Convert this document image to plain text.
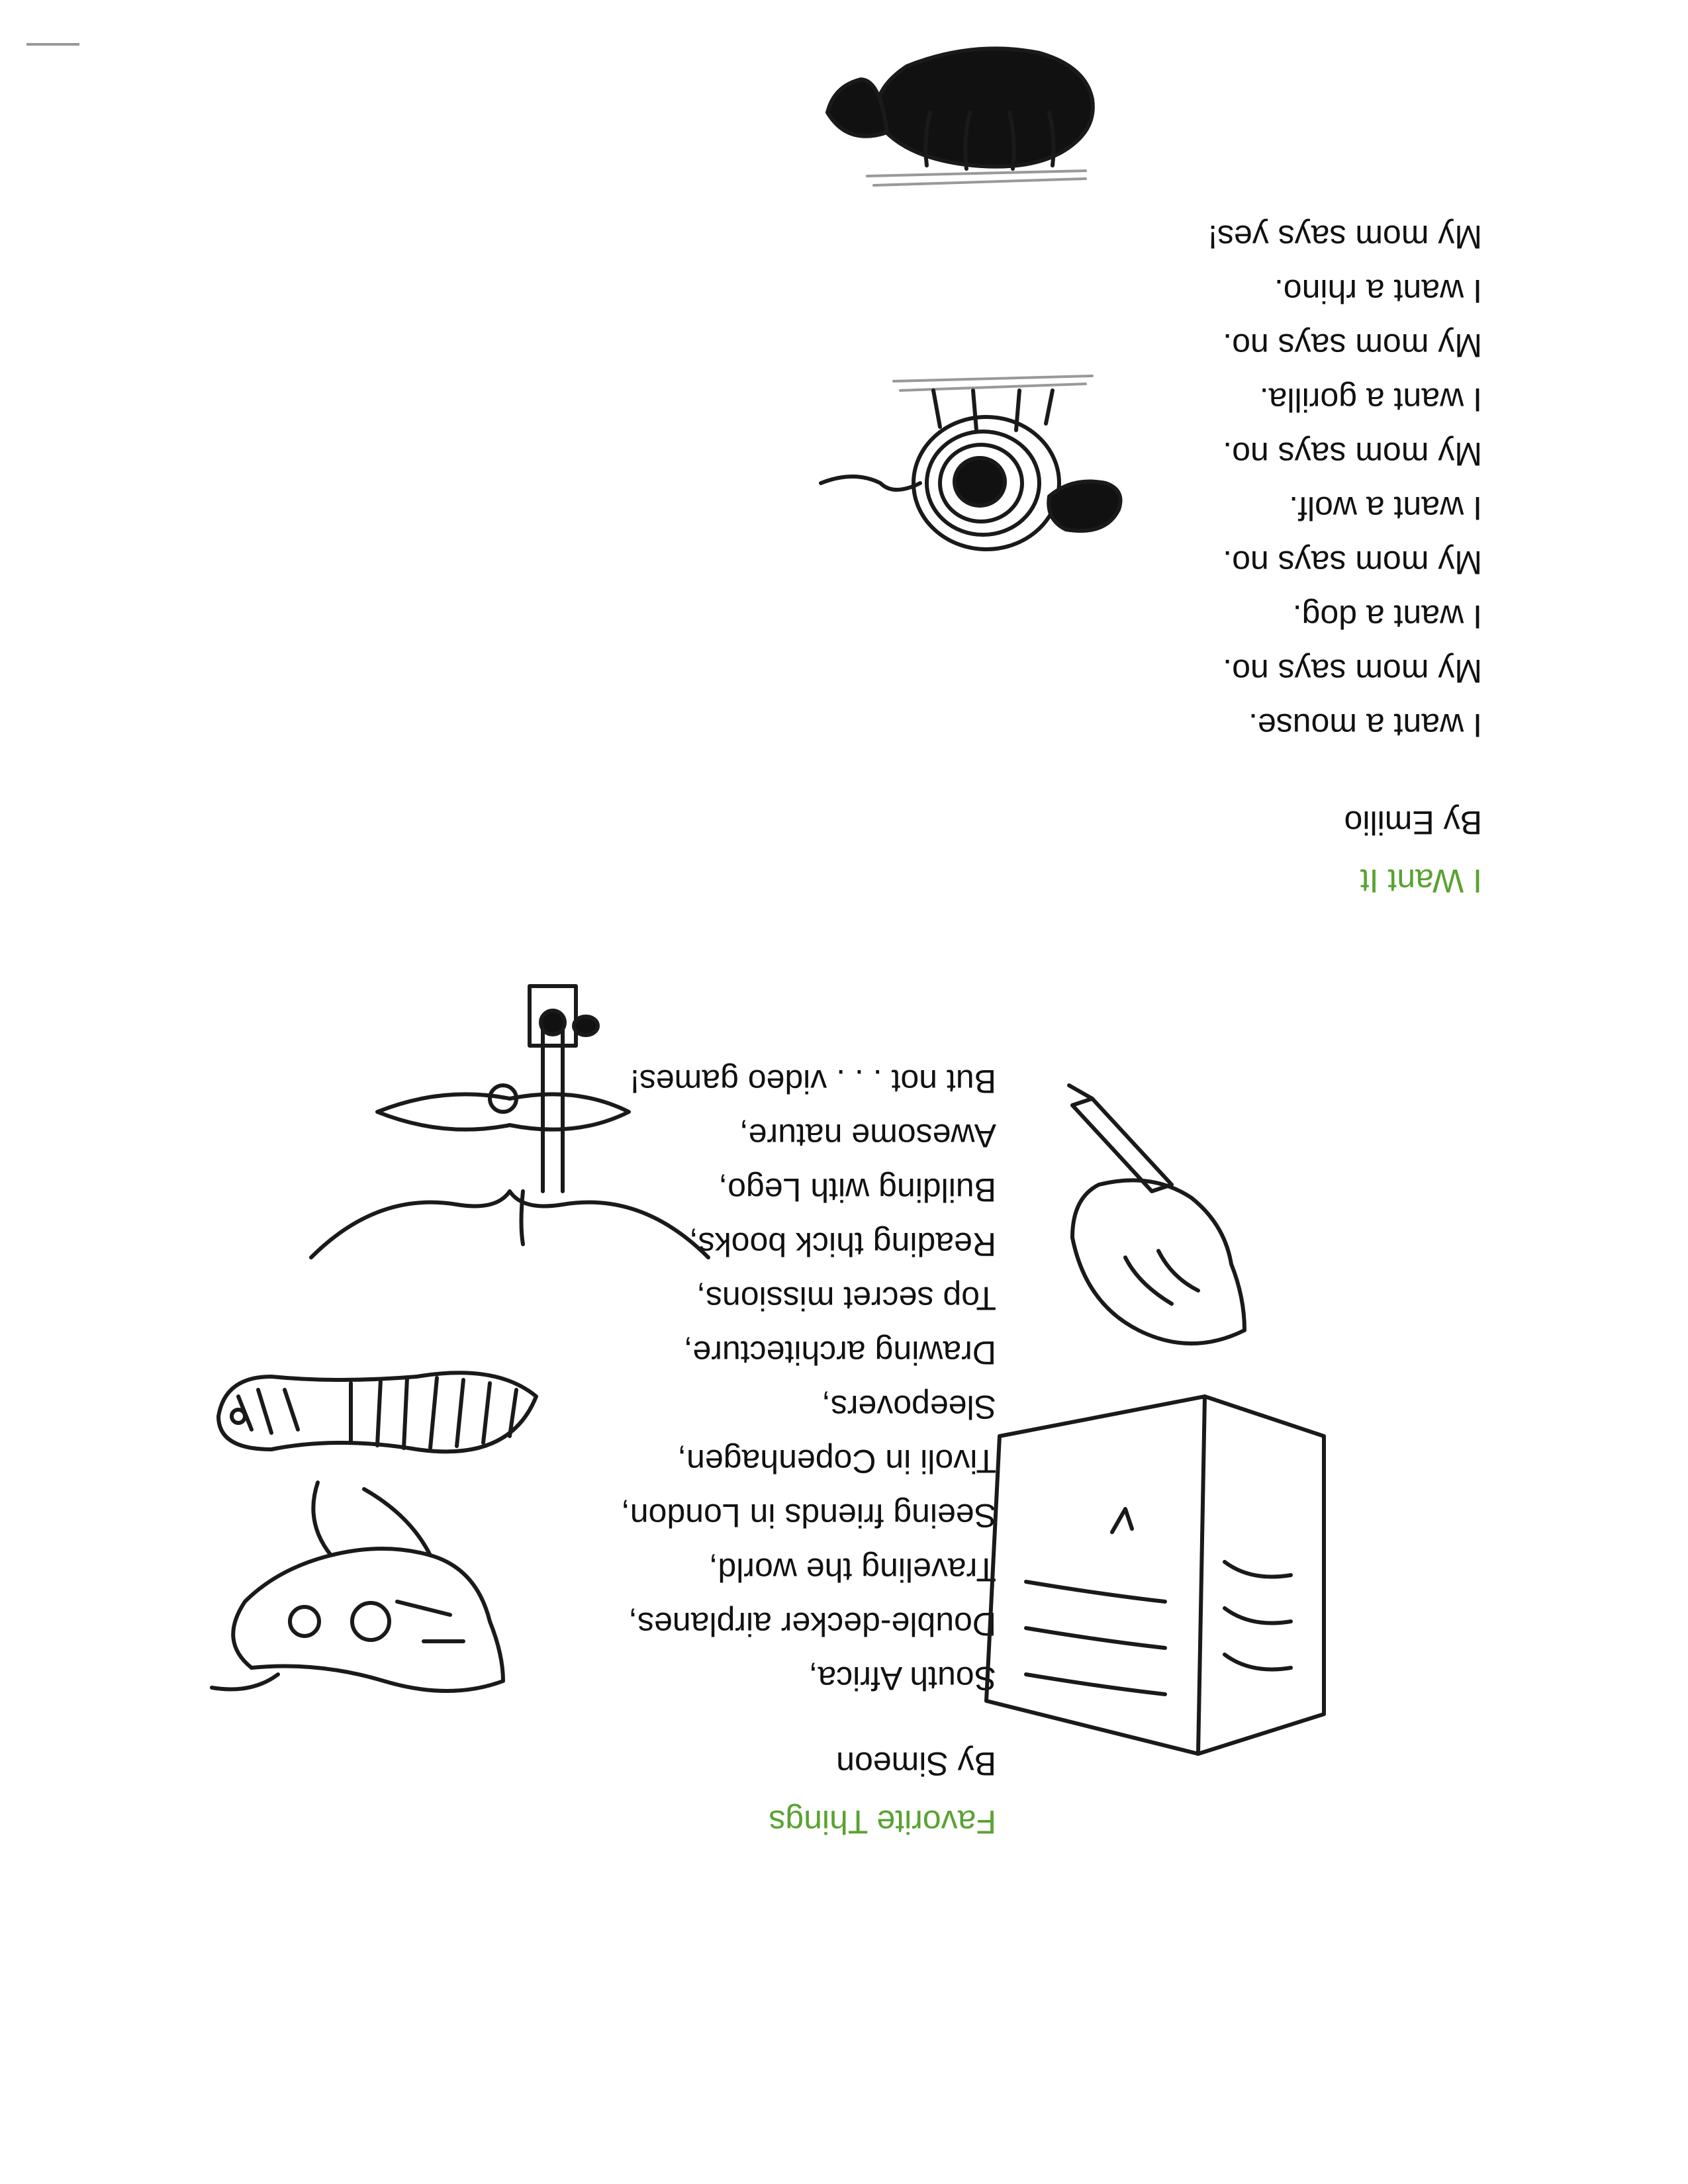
I Want It
By Emilio
I want a mouse.
My mom says no.
I want a dog.
My mom says no.
I want a wolf.
My mom says no.
I want a gorilla.
My mom says no.
I want a rhino.
My mom says yes!
Favorite Things
By Simeon
South Africa,
Double-decker airplanes,
Traveling the world,
Seeing friends in London,
Tivoli in Copenhagen,
Sleepovers,
Drawing architecture,
Top secret missions,
Reading thick books,
Building with Lego,
Awesome nature,
But not . . . video games!
